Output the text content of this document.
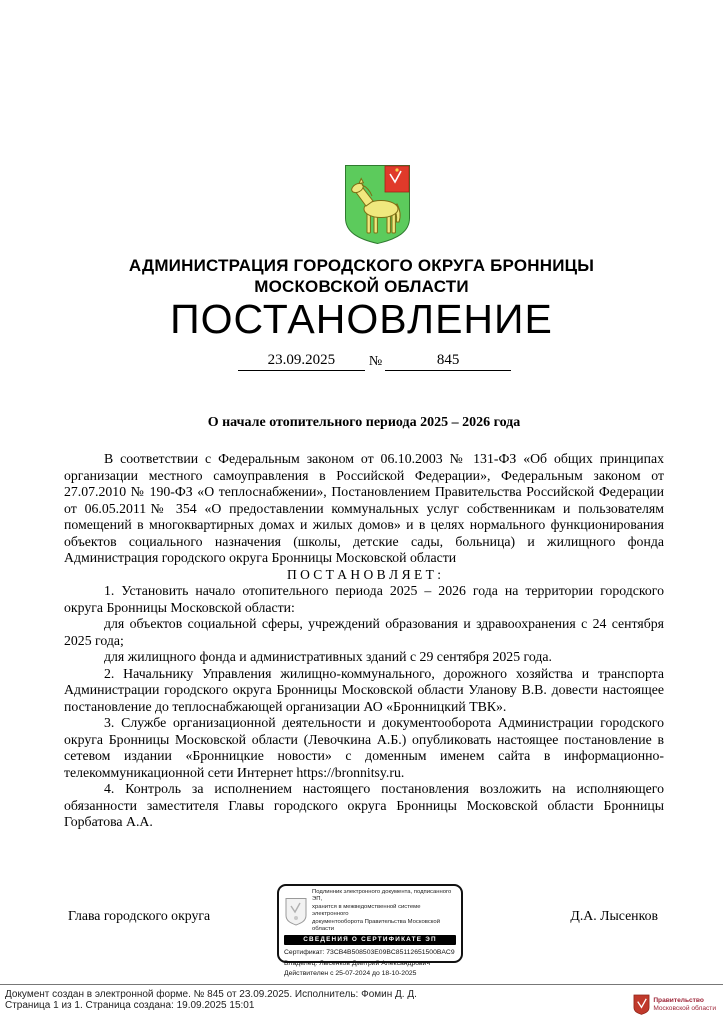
АДМИНИСТРАЦИЯ ГОРОДСКОГО ОКРУГА БРОННИЦЫ
МОСКОВСКОЙ ОБЛАСТИ
ПОСТАНОВЛЕНИЕ
23.09.2025	№	845
О начале отопительного периода 2025 – 2026 года

В соответствии с Федеральным законом от 06.10.2003 № 131-ФЗ «Об общих принципах организации местного самоуправления в Российской Федерации», Федеральным законом от 27.07.2010 № 190-ФЗ «О теплоснабжении», Постановлением Правительства Российской Федерации от 06.05.2011№ 354 «О предоставлении коммунальных услуг собственникам и пользователям помещений в многоквартирных домах и жилых домов» и в целях нормального функционирования объектов социального назначения (школы, детские сады, больница) и жилищного фонда Администрация городского округа Бронницы Московской области

П О С Т А Н О В Л Я Е Т :

1. Установить начало отопительного периода 2025 – 2026 года на территории городского округа Бронницы Московской области:

для объектов социальной сферы, учреждений образования и здравоохранения с 24 сентября 2025 года;

для жилищного фонда и административных зданий с 29 сентября 2025 года.

2. Начальнику Управления жилищно-коммунального, дорожного хозяйства и транспорта Администрации городского округа Бронницы Московской области Уланову В.В. довести настоящее постановление до теплоснабжающей организации АО «Бронницкий ТВК».

3. Службе организационной деятельности и документооборота Администрации городского округа Бронницы Московской области (Левочкина А.Б.) опубликовать настоящее постановление в сетевом издании «Бронницкие новости» с доменным именем сайта в информационно-телекоммуникационной сети Интернет https://bronnitsy.ru.

4. Контроль за исполнением настоящего постановления возложить на исполняющего обязанности заместителя Главы городского округа Бронницы Московской области Бронницы Горбатова А.А.

Глава городского округа
Подлинник электронного документа, подписанного ЭП,
хранится в межведомственной системе электронного
документооборота Правительства Московской области
СВЕДЕНИЯ О СЕРТИФИКАТЕ ЭП
Сертификат: 73CB4B508503E09BC85112651500BAC9
Владелец: Лысенков Дмитрий Александрович
Действителен с 25-07-2024 до 18-10-2025
Д.А. Лысенков
Документ создан в электронной форме. № 845 от 23.09.2025. Исполнитель: Фомин Д. Д.
Страница 1 из 1. Страница создана: 19.09.2025 15:01	Правительство
Московской области
